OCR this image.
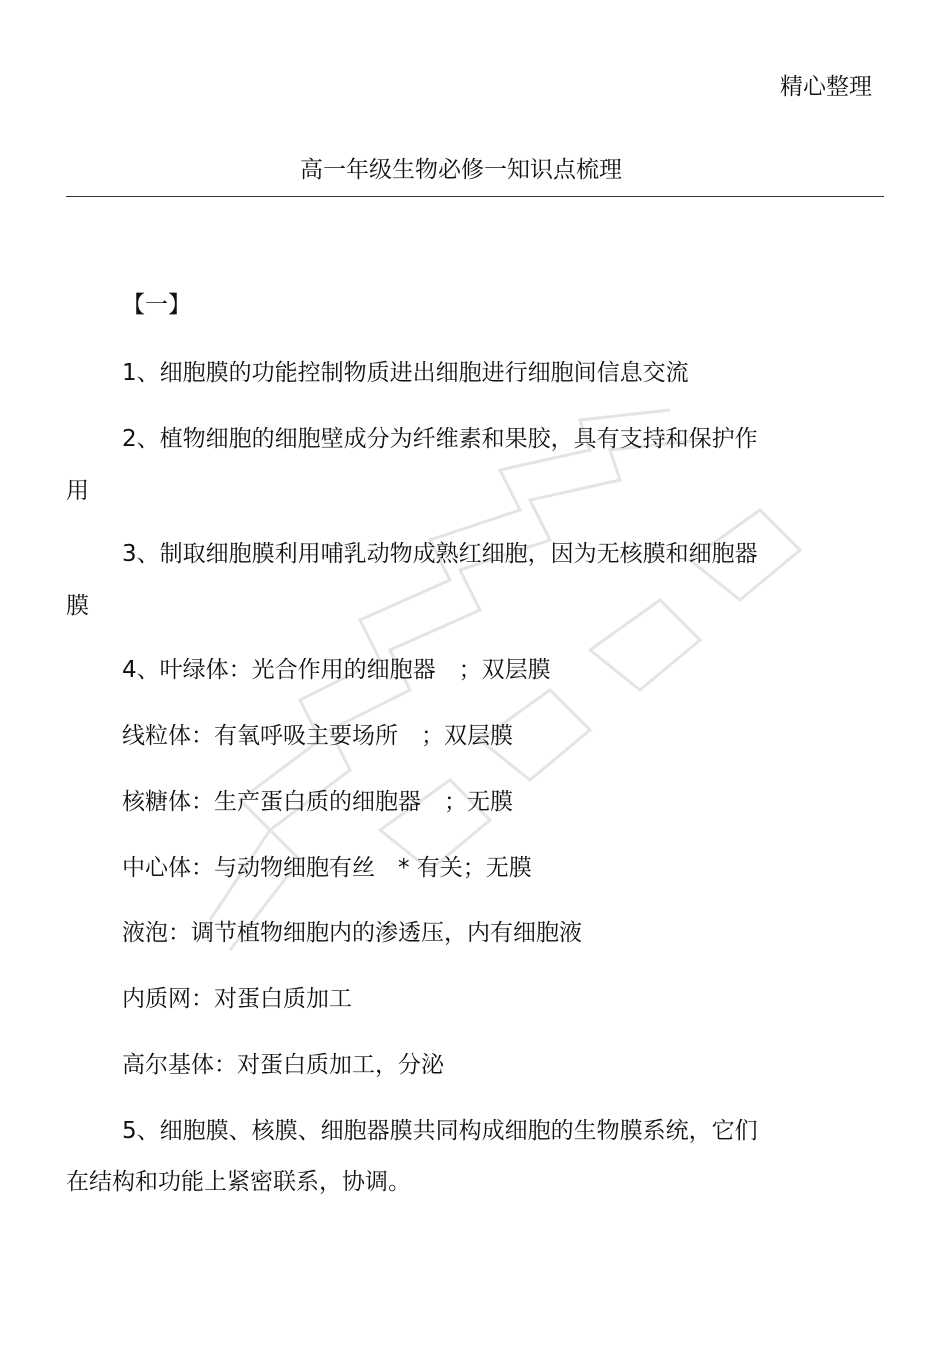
精心整理
高一年级生物必修一知识点梳理
【一】
1、细胞膜的功能控制物质进出细胞进行细胞间信息交流
2、植物细胞的细胞壁成分为纤维素和果胶，具有支持和保护作
用
3、制取细胞膜利用哺乳动物成熟红细胞，因为无核膜和细胞器
膜
4、叶绿体：光合作用的细胞器　；双层膜
线粒体：有氧呼吸主要场所　；双层膜
核糖体：生产蛋白质的细胞器　；无膜
中心体：与动物细胞有丝　* 有关；无膜
液泡：调节植物细胞内的渗透压，内有细胞液
内质网：对蛋白质加工
高尔基体：对蛋白质加工，分泌
5、细胞膜、核膜、细胞器膜共同构成细胞的生物膜系统，它们
在结构和功能上紧密联系，协调。
